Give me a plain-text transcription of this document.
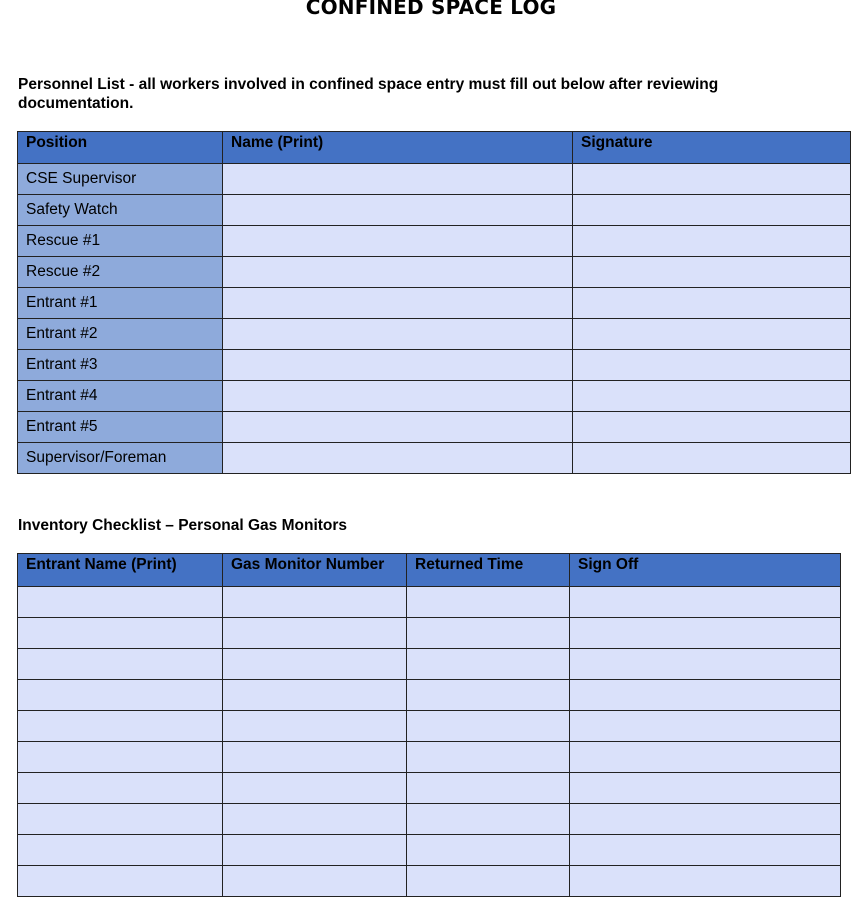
CONFINED SPACE LOG
Personnel List - all workers involved in confined space entry must fill out below after reviewing documentation.
Position	Name (Print)	Signature
CSE Supervisor		
Safety Watch		
Rescue #1		
Rescue #2		
Entrant #1		
Entrant #2		
Entrant #3		
Entrant #4		
Entrant #5		
Supervisor/Foreman		
Inventory Checklist – Personal Gas Monitors
Entrant Name (Print)	Gas Monitor Number	Returned Time	Sign Off
